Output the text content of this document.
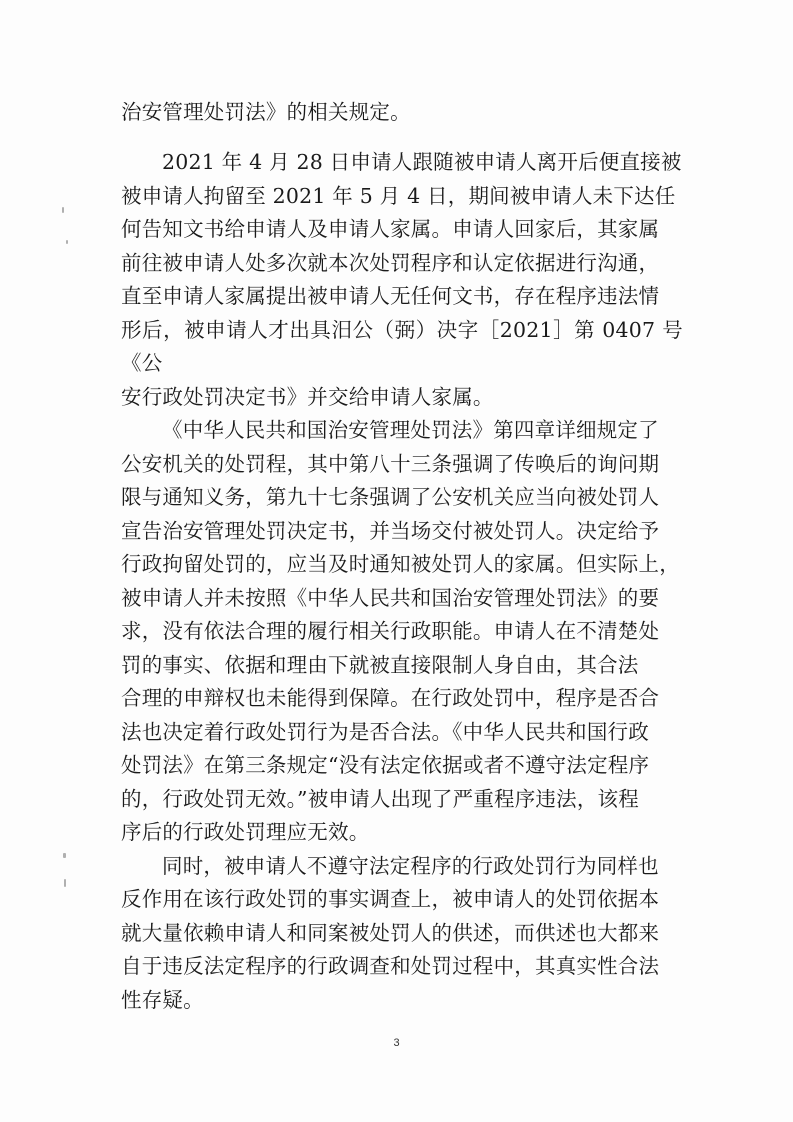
治安管理处罚法》的相关规定。

2021 年 4 月 28 日申请人跟随被申请人离开后便直接被
被申请人拘留至 2021 年 5 月 4 日，期间被申请人未下达任
何告知文书给申请人及申请人家属。申请人回家后，其家属
前往被申请人处多次就本次处罚程序和认定依据进行沟通，
直至申请人家属提出被申请人无任何文书，存在程序违法情
形后，被申请人才出具汨公（弼）决字［2021］第 0407 号《公
安行政处罚决定书》并交给申请人家属。

《中华人民共和国治安管理处罚法》第四章详细规定了
公安机关的处罚程，其中第八十三条强调了传唤后的询问期
限与通知义务，第九十七条强调了公安机关应当向被处罚人
宣告治安管理处罚决定书，并当场交付被处罚人。决定给予
行政拘留处罚的，应当及时通知被处罚人的家属。但实际上，
被申请人并未按照《中华人民共和国治安管理处罚法》的要
求，没有依法合理的履行相关行政职能。申请人在不清楚处
罚的事实、依据和理由下就被直接限制人身自由，其合法
合理的申辩权也未能得到保障。在行政处罚中，程序是否合
法也决定着行政处罚行为是否合法。《中华人民共和国行政
处罚法》在第三条规定“没有法定依据或者不遵守法定程序
的，行政处罚无效。”被申请人出现了严重程序违法，该程
序后的行政处罚理应无效。

同时，被申请人不遵守法定程序的行政处罚行为同样也
反作用在该行政处罚的事实调查上，被申请人的处罚依据本
就大量依赖申请人和同案被处罚人的供述，而供述也大都来
自于违反法定程序的行政调查和处罚过程中，其真实性合法
性存疑。

3
